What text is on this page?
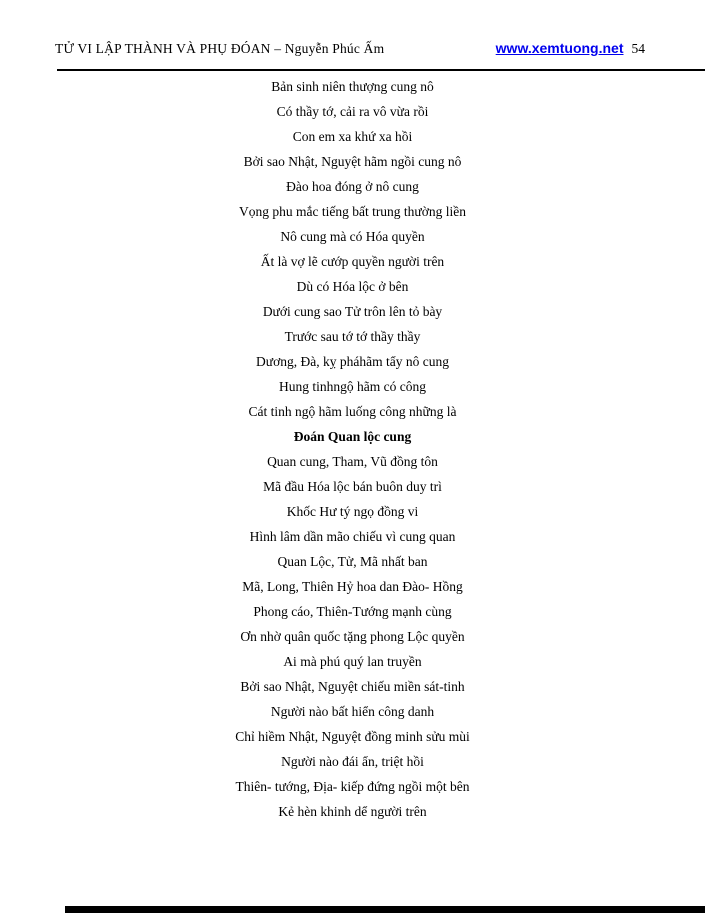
TỬ VI LẬP THÀNH VÀ PHỤ ĐÓAN – Nguyễn Phúc Ấm	www.xemtuong.net 54
Bản sinh niên thượng cung nô
Có thầy tớ, cải ra vô vừa rồi
Con em xa khứ xa hồi
Bởi sao Nhật, Nguyệt hãm ngồi cung nô
Đào hoa đóng ở nô cung
Vọng phu mắc tiếng bất trung thường liền
Nô cung mà có Hóa quyền
Ất là vợ lẽ cướp quyền người trên
Dù có Hóa lộc ở bên
Dưới cung sao Tử trôn lên tỏ bày
Trước sau tớ tớ thầy thầy
Dương, Đà, kỵ pháhãm tẩy nô cung
Hung tinhngộ hãm có công
Cát tinh ngộ hãm luống công những là
Đoán Quan lộc cung
Quan cung, Tham, Vũ đồng tôn
Mã đầu Hóa lộc bán buôn duy trì
Khốc Hư tý ngọ đồng vi
Hình lâm dần mão chiếu vì cung quan
Quan Lộc, Tử, Mã nhất ban
Mã, Long, Thiên Hỷ hoa dan Đào- Hồng
Phong cáo, Thiên-Tướng mạnh cùng
Ơn nhờ quân quốc tặng phong Lộc quyền
Ai mà phú quý lan truyền
Bởi sao Nhật, Nguyệt chiếu miền sát-tinh
Người nào bất hiển công danh
Chỉ hiềm Nhật, Nguyệt đồng minh sửu mùi
Người nào đái ẩn, triệt hồi
Thiên- tướng, Địa- kiếp đứng ngồi một bên
Kẻ hèn khinh dể người trên
